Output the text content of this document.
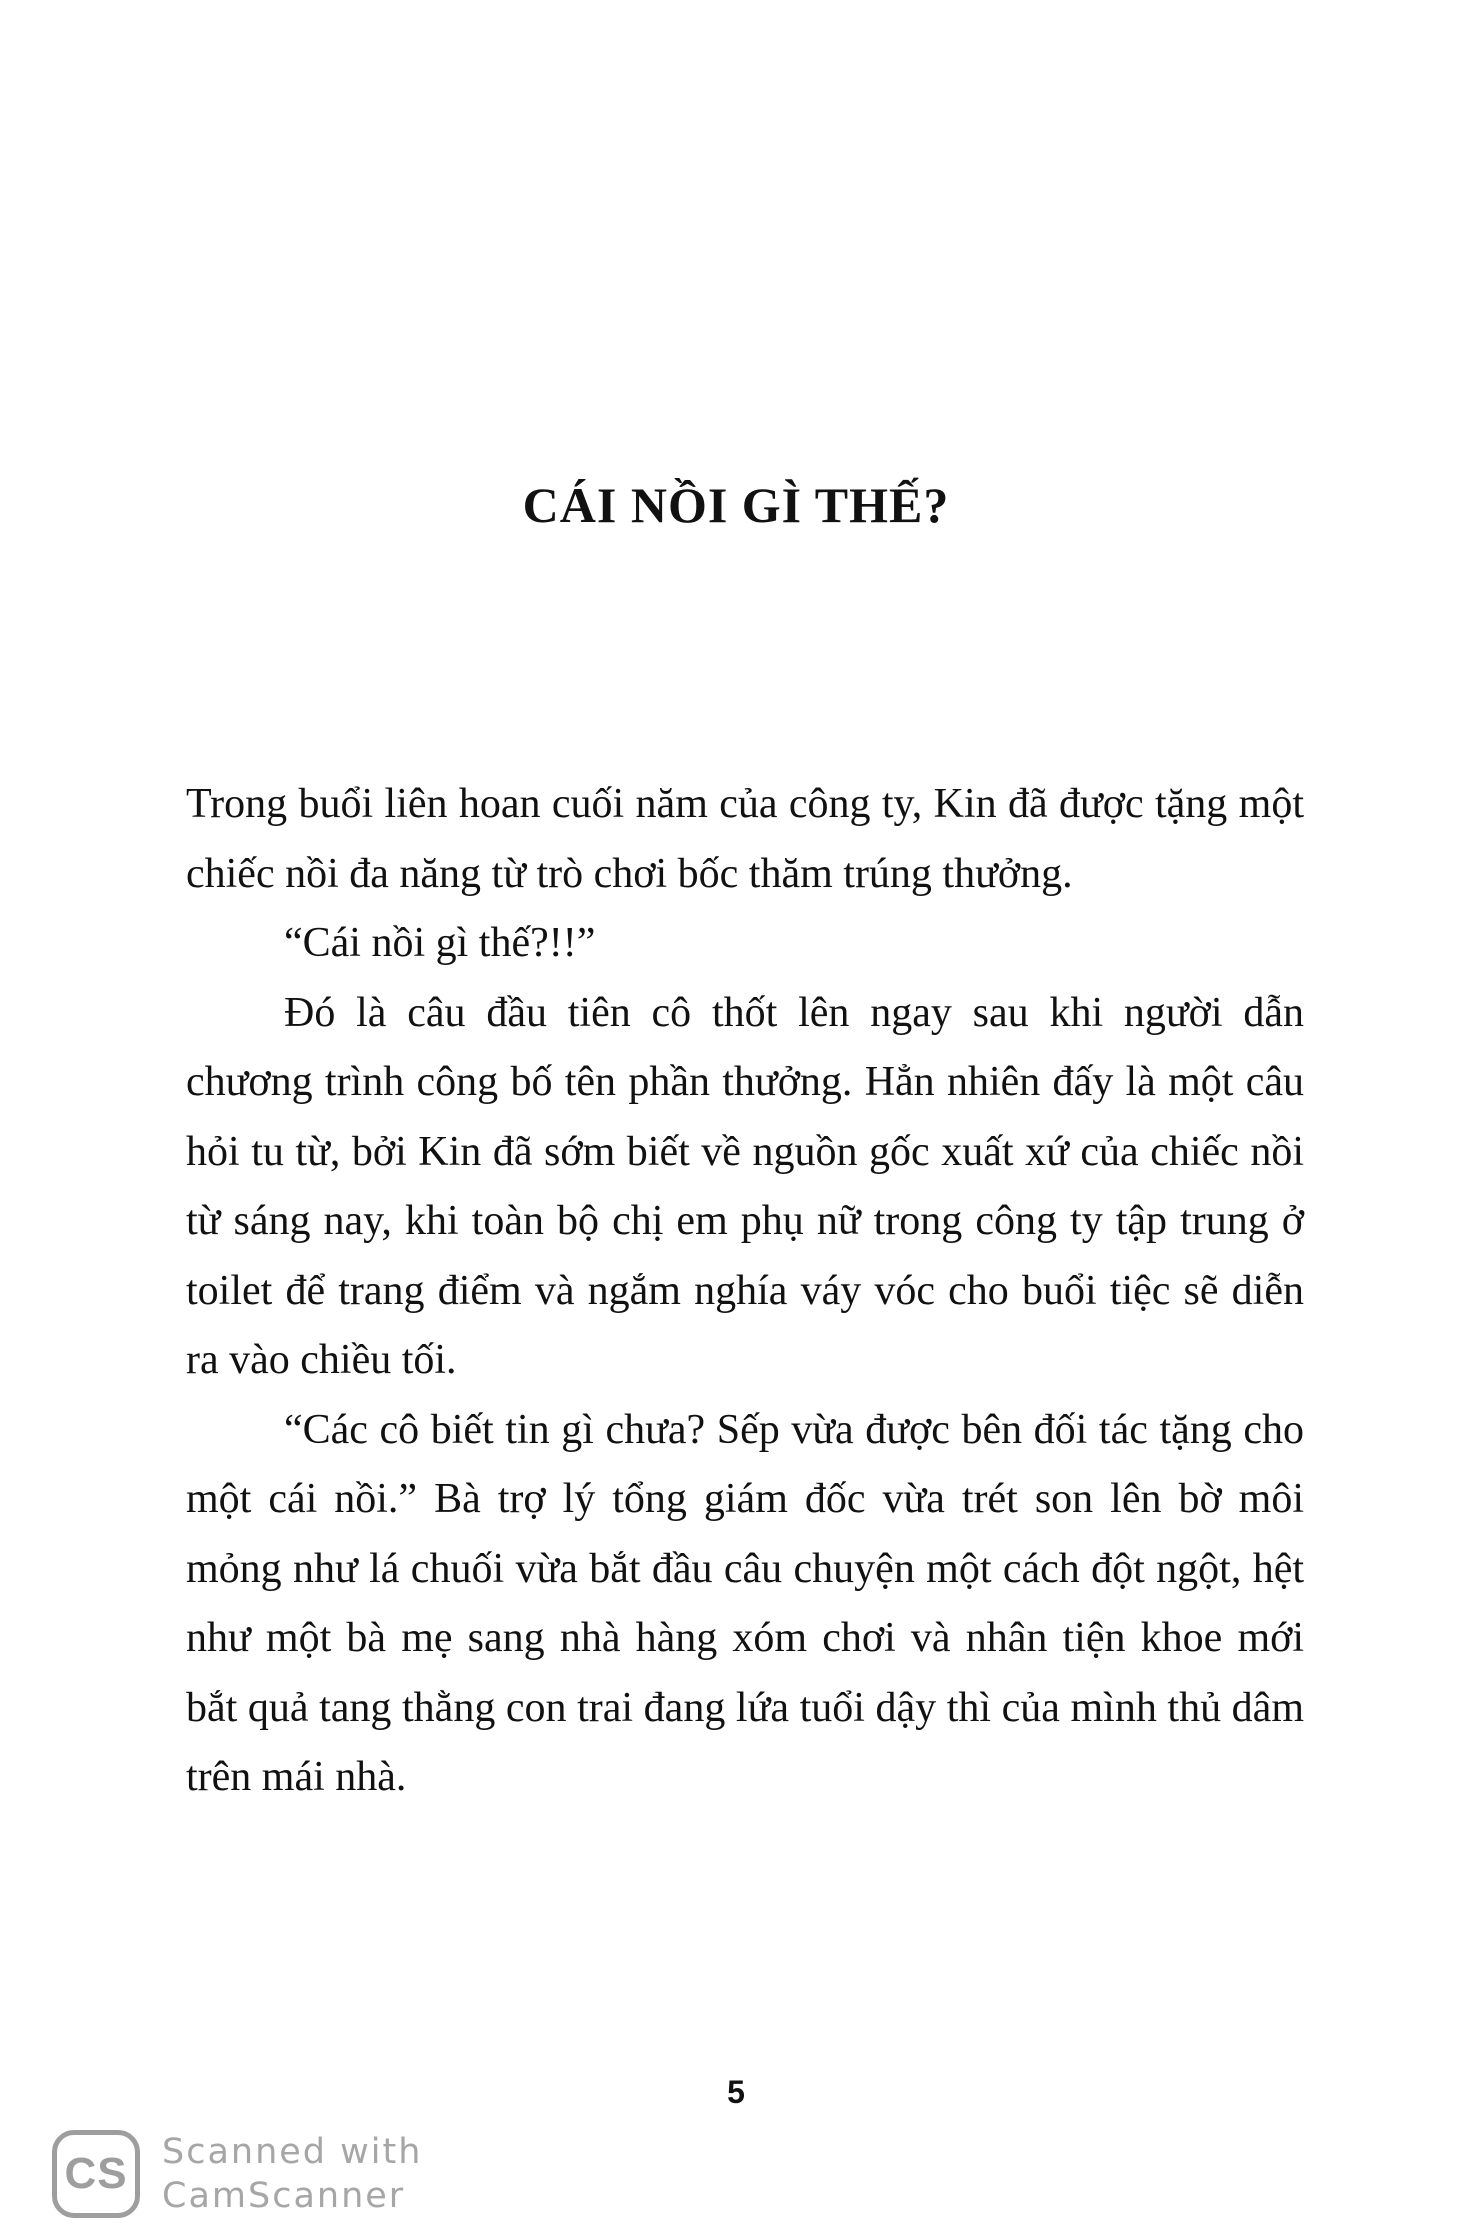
CÁI NỒI GÌ THẾ?

Trong buổi liên hoan cuối năm của công ty, Kin đã được tặng một chiếc nồi đa năng từ trò chơi bốc thăm trúng thưởng.

“Cái nồi gì thế?!!”

Đó là câu đầu tiên cô thốt lên ngay sau khi người dẫn chương trình công bố tên phần thưởng. Hẳn nhiên đấy là một câu hỏi tu từ, bởi Kin đã sớm biết về nguồn gốc xuất xứ của chiếc nồi từ sáng nay, khi toàn bộ chị em phụ nữ trong công ty tập trung ở toilet để trang điểm và ngắm nghía váy vóc cho buổi tiệc sẽ diễn ra vào chiều tối.

“Các cô biết tin gì chưa? Sếp vừa được bên đối tác tặng cho một cái nồi.” Bà trợ lý tổng giám đốc vừa trét son lên bờ môi mỏng như lá chuối vừa bắt đầu câu chuyện một cách đột ngột, hệt như một bà mẹ sang nhà hàng xóm chơi và nhân tiện khoe mới bắt quả tang thằng con trai đang lứa tuổi dậy thì của mình thủ dâm trên mái nhà.

5
CS Scanned with
CamScanner
